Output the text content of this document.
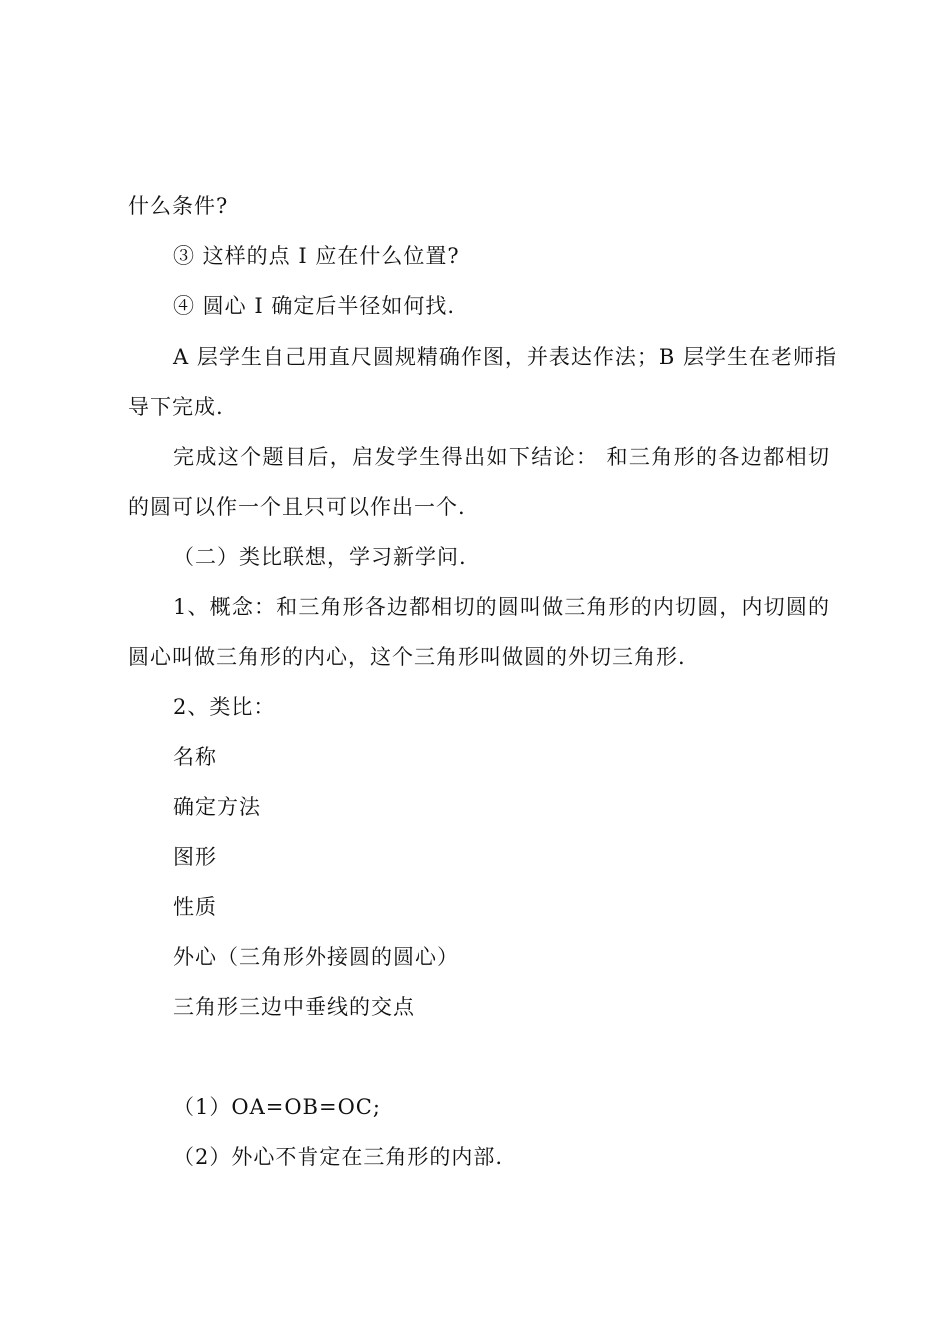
什么条件?
③ 这样的点 I 应在什么位置?
④ 圆心 I 确定后半径如何找.
A 层学生自己用直尺圆规精确作图，并表达作法；B 层学生在老师指
导下完成.
完成这个题目后，启发学生得出如下结论： 和三角形的各边都相切
的圆可以作一个且只可以作出一个.
（二）类比联想，学习新学问.
1、概念：和三角形各边都相切的圆叫做三角形的内切圆，内切圆的
圆心叫做三角形的内心，这个三角形叫做圆的外切三角形.
2、类比：
名称
确定方法
图形
性质
外心（三角形外接圆的圆心）
三角形三边中垂线的交点
（1）OA=OB=OC;
（2）外心不肯定在三角形的内部.
